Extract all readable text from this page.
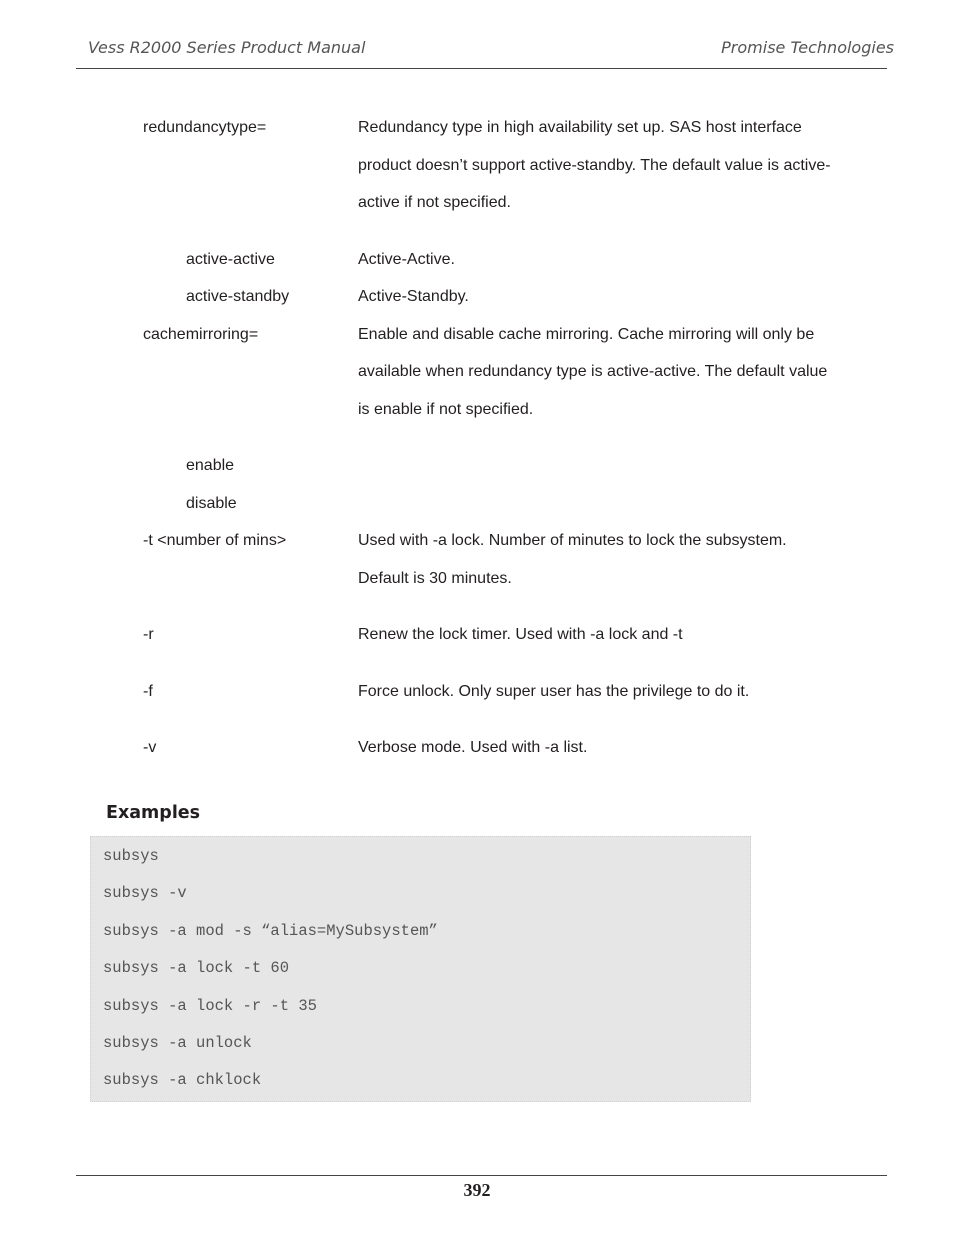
Vess R2000 Series Product Manual	Promise Technologies
redundancytype=	Redundancy type in high availability set up. SAS host interface
product doesn’t support active-standby. The default value is active-
active if not specified.
active-active	Active-Active.
active-standby	Active-Standby.
cachemirroring=	Enable and disable cache mirroring. Cache mirroring will only be
available when redundancy type is active-active. The default value
is enable if not specified.
enable
disable
-t <number of mins>	Used with -a lock. Number of minutes to lock the subsystem.
Default is 30 minutes.
-r	Renew the lock timer. Used with -a lock and -t
-f	Force unlock. Only super user has the privilege to do it.
-v	Verbose mode. Used with -a list.
Examples
subsys
subsys -v
subsys -a mod -s “alias=MySubsystem”
subsys -a lock -t 60
subsys -a lock -r -t 35
subsys -a unlock
subsys -a chklock
392
